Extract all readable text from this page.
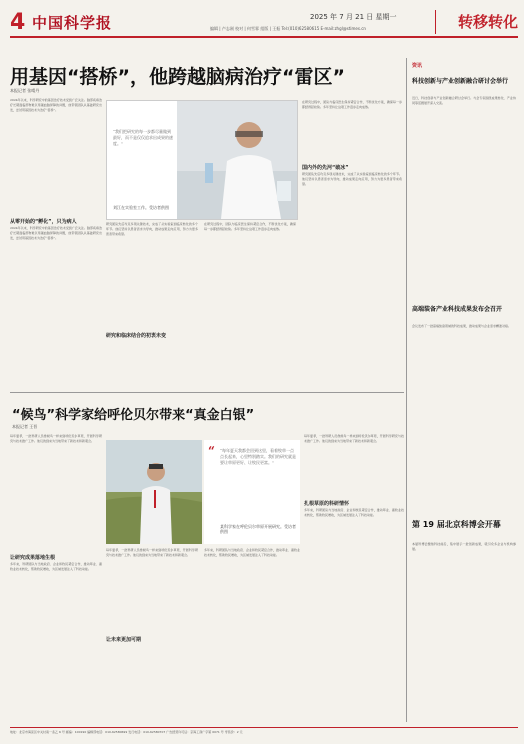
4 中国科学报	2025 年 7 月 21 日 星期一
编辑 | 卢志刚 校对 | 何雪霏 组版 | 王振 Tel:(010)62580615 E-mail:zhgl@stimes.cn	转移转化
用基因“搭桥”，他跨越脑病治疗“雷区”
本报记者 张晴丹
2024年以来，科学研究中的基因治疗技术受到广泛关注。脑部疾病治疗长期面临药物难以穿越血脑屏障的问题，他带领团队从基础研究出发，尝试用基因技术为治疗“搭桥”。
从零开始的“孵化”，只为病人
2024年以来，科学研究中的基因治疗技术受到广泛关注。脑部疾病治疗长期面临药物难以穿越血脑屏障的问题，他带领团队从基础研究出发，尝试用基因技术为治疗“搭桥”。
“我们把研究的每一步都尽量做到最好，而不是仅仅追求出成果的速度。”
刘江在实验室工作。受访者供图
研究团队先后攻克多项关键技术，完成了从实验室到临床转化的多个环节。他们坚持以患者需求为导向，推动成果走向应用，努力为更多患者带来希望。
研究和临床结合的初衷未变
在研究过程中，团队与临床医生保持紧密合作，不断优化方案，确保每一步都经得起检验。多年坚持让这项工作逐步走向成熟。
在研究过程中，团队与临床医生保持紧密合作，不断优化方案，确保每一步都经得起检验。多年坚持让这项工作逐步走向成熟。
国内外的先河“破冰”
研究团队先后攻克多项关键技术，完成了从实验室到临床转化的多个环节。他们坚持以患者需求为导向，推动成果走向应用，努力为更多患者带来希望。
“候鸟”科学家给呼伦贝尔带来“真金白银”
本报记者 王晋
每年夏季，一批科研人员像候鸟一样来到呼伦贝尔草原，开展科学研究与技术推广工作。他们的到来为当地带来了新技术和新观念。
让研究成果落地生根
多年来，科研团队与当地政府、企业和牧民紧密合作，推动草业、畜牧业技术转化，帮助牧民增收，为区域发展注入了科技动能。
“ “每年夏天我都会回到这里，看着牧草一点点长起来，心里特别踏实。我们的研究就是要让草原更好、让牧民更富。”
某科学家在呼伦贝尔草原开展研究。受访者供图
每年夏季，一批科研人员像候鸟一样来到呼伦贝尔草原，开展科学研究与技术推广工作。他们的到来为当地带来了新技术和新观念。
让未来更加可期
多年来，科研团队与当地政府、企业和牧民紧密合作，推动草业、畜牧业技术转化，帮助牧民增收，为区域发展注入了科技动能。
每年夏季，一批科研人员像候鸟一样来到呼伦贝尔草原，开展科学研究与技术推广工作。他们的到来为当地带来了新技术和新观念。
扎根草原的科研情怀
多年来，科研团队与当地政府、企业和牧民紧密合作，推动草业、畜牧业技术转化，帮助牧民增收，为区域发展注入了科技动能。
资讯
科技创新与产业创新融合研讨会举行
近日，科技创新与产业创新融合研讨会举行。与会专家围绕成果转化、产业协同等话题展开深入交流。
高端装备产业科技成果发布会召开
会议发布了一批高端装备领域的科技成果，推动成果与企业需求精准对接。
第 19 届北京科博会开幕
本届科博会聚焦科技前沿，集中展示一批创新成果，吸引众多企业与机构参展。
地址：北京市海淀区中关村南一条乙 6 号 邮编：100190 编辑部电话：010-62580699 发行电话：010-62580707 广告经营许可证：京海工商广字第 0071 号 零售价：2 元
